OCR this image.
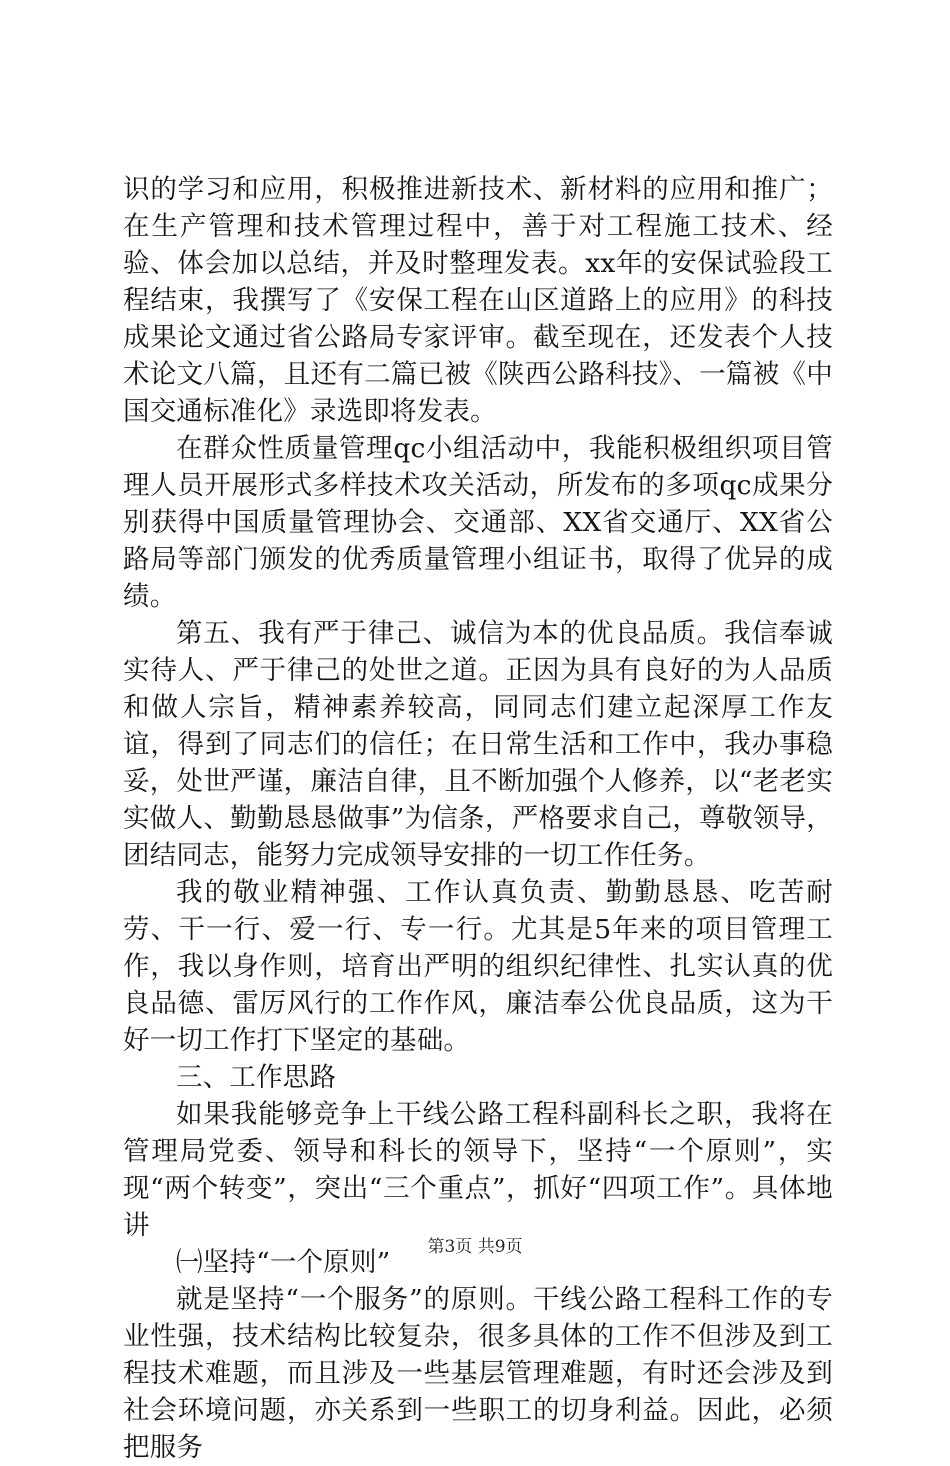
识的学习和应用，积极推进新技术、新材料的应用和推广；在生产管理和技术管理过程中，善于对工程施工技术、经验、体会加以总结，并及时整理发表。xx年的安保试验段工程结束，我撰写了《安保工程在山区道路上的应用》的科技成果论文通过省公路局专家评审。截至现在，还发表个人技术论文八篇，且还有二篇已被《陕西公路科技》、一篇被《中国交通标准化》录选即将发表。

在群众性质量管理qc小组活动中，我能积极组织项目管理人员开展形式多样技术攻关活动，所发布的多项qc成果分别获得中国质量管理协会、交通部、XX省交通厅、XX省公路局等部门颁发的优秀质量管理小组证书，取得了优异的成绩。

第五、我有严于律己、诚信为本的优良品质。我信奉诚实待人、严于律己的处世之道。正因为具有良好的为人品质和做人宗旨，精神素养较高，同同志们建立起深厚工作友谊，得到了同志们的信任；在日常生活和工作中，我办事稳妥，处世严谨，廉洁自律，且不断加强个人修养，以“老老实实做人、勤勤恳恳做事”为信条，严格要求自己，尊敬领导，团结同志，能努力完成领导安排的一切工作任务。

我的敬业精神强、工作认真负责、勤勤恳恳、吃苦耐劳、干一行、爱一行、专一行。尤其是5年来的项目管理工作，我以身作则，培育出严明的组织纪律性、扎实认真的优良品德、雷厉风行的工作作风，廉洁奉公优良品质，这为干好一切工作打下坚定的基础。

三、工作思路

如果我能够竞争上干线公路工程科副科长之职，我将在管理局党委、领导和科长的领导下，坚持“一个原则”，实现“两个转变”，突出“三个重点”，抓好“四项工作”。具体地讲

㈠坚持“一个原则”

就是坚持“一个服务”的原则。干线公路工程科工作的专业性强，技术结构比较复杂，很多具体的工作不但涉及到工程技术难题，而且涉及一些基层管理难题，有时还会涉及到社会环境问题，亦关系到一些职工的切身利益。因此，必须把服务

第3页 共9页
